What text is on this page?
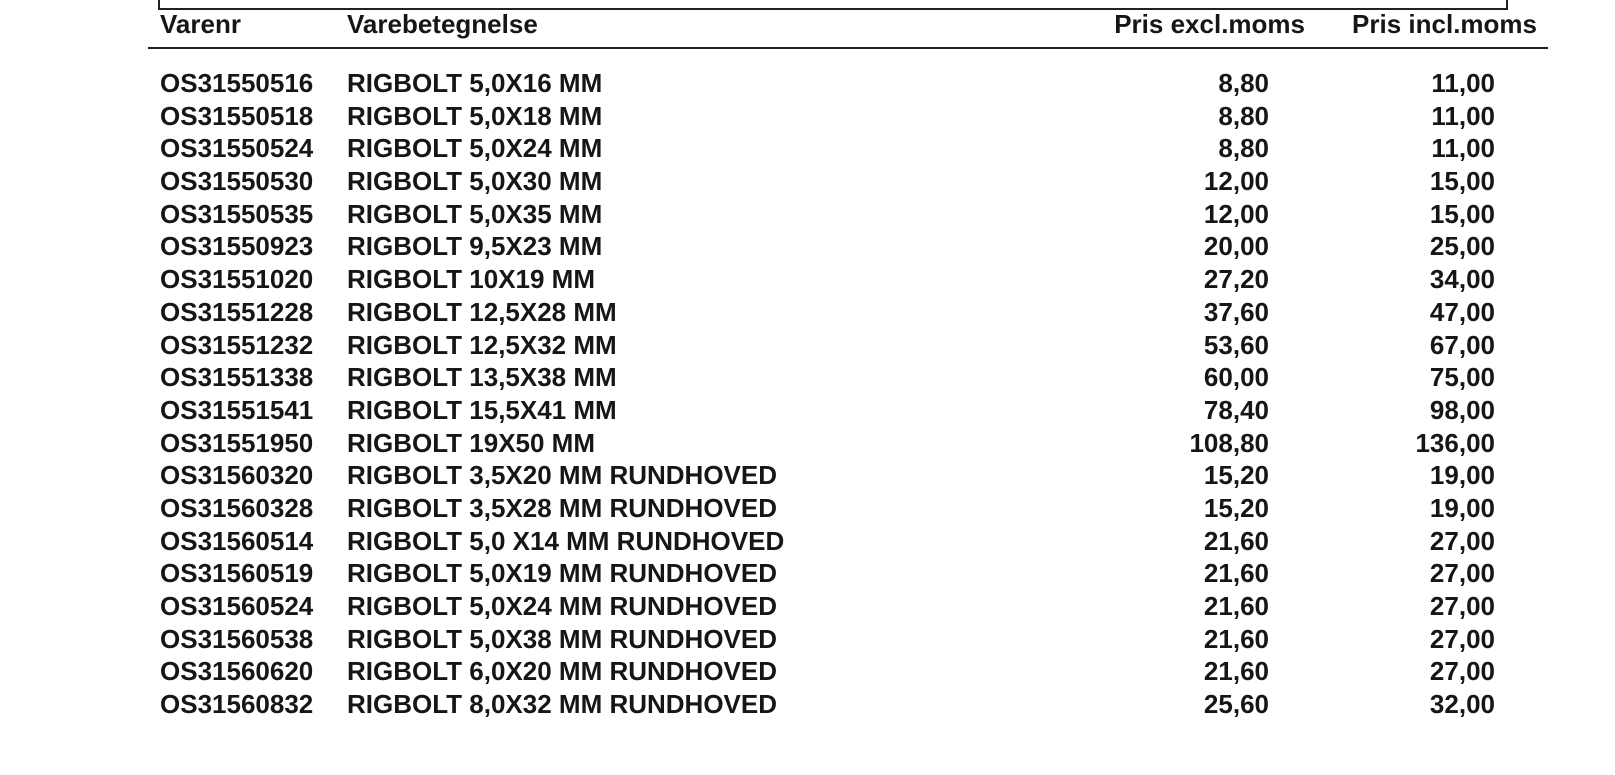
Varenr	Varebetegnelse	Pris excl.moms Pris incl.moms
OS31550516 RIGBOLT 5,0X16 MM	8,80	11,00
OS31550518 RIGBOLT 5,0X18 MM	8,80	11,00
OS31550524 RIGBOLT 5,0X24 MM	8,80	11,00
OS31550530 RIGBOLT 5,0X30 MM	12,00	15,00
OS31550535 RIGBOLT 5,0X35 MM	12,00	15,00
OS31550923 RIGBOLT 9,5X23 MM	20,00	25,00
OS31551020 RIGBOLT 10X19 MM	27,20	34,00
OS31551228 RIGBOLT 12,5X28 MM	37,60	47,00
OS31551232 RIGBOLT 12,5X32 MM	53,60	67,00
OS31551338 RIGBOLT 13,5X38 MM	60,00	75,00
OS31551541 RIGBOLT 15,5X41 MM	78,40	98,00
OS31551950 RIGBOLT 19X50 MM	108,80	136,00
OS31560320 RIGBOLT 3,5X20 MM RUNDHOVED	15,20	19,00
OS31560328 RIGBOLT 3,5X28 MM RUNDHOVED	15,20	19,00
OS31560514 RIGBOLT 5,0 X14 MM RUNDHOVED	21,60	27,00
OS31560519 RIGBOLT 5,0X19 MM RUNDHOVED	21,60	27,00
OS31560524 RIGBOLT 5,0X24 MM RUNDHOVED	21,60	27,00
OS31560538 RIGBOLT 5,0X38 MM RUNDHOVED	21,60	27,00
OS31560620 RIGBOLT 6,0X20 MM RUNDHOVED	21,60	27,00
OS31560832 RIGBOLT 8,0X32 MM RUNDHOVED	25,60	32,00
